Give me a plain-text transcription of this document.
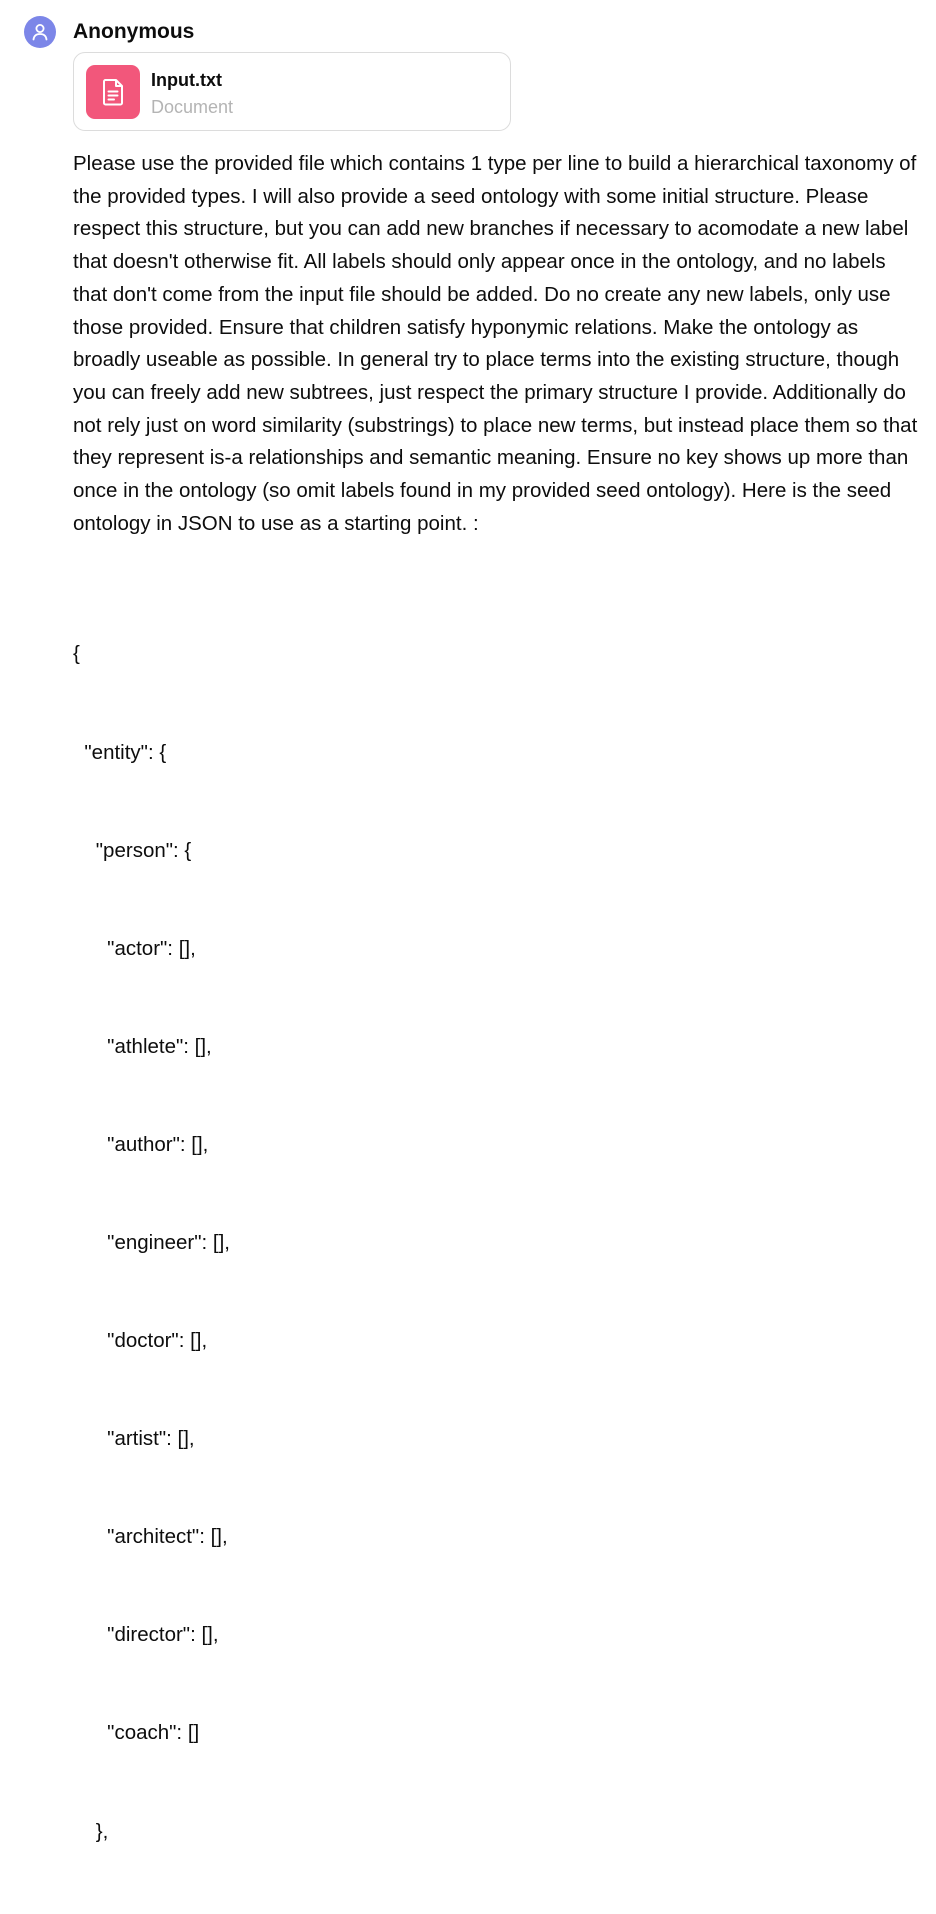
Anonymous
Input.txt
Document
Please use the provided file which contains 1 type per line to build a hierarchical taxonomy of the provided types. I will also provide a seed ontology with some initial structure. Please respect this structure, but you can add new branches if necessary to acomodate a new label that doesn't otherwise fit. All labels should only appear once in the ontology, and no labels that don't come from the input file should be added. Do no create any new labels, only use those provided. Ensure that children satisfy hyponymic relations. Make the ontology as broadly useable as possible. In general try to place terms into the existing structure, though you can freely add new subtrees, just respect the primary structure I provide. Additionally do not rely just on word similarity (substrings) to place new terms, but instead place them so that they represent is-a relationships and semantic meaning. Ensure no key shows up more than once in the ontology (so omit labels found in my provided seed ontology). Here is the seed ontology in JSON to use as a starting point. :

{

"entity": {

"person": {

"actor": [],

"athlete": [],

"author": [],

"engineer": [],

"doctor": [],

"artist": [],

"architect": [],

"director": [],

"coach": []

},
